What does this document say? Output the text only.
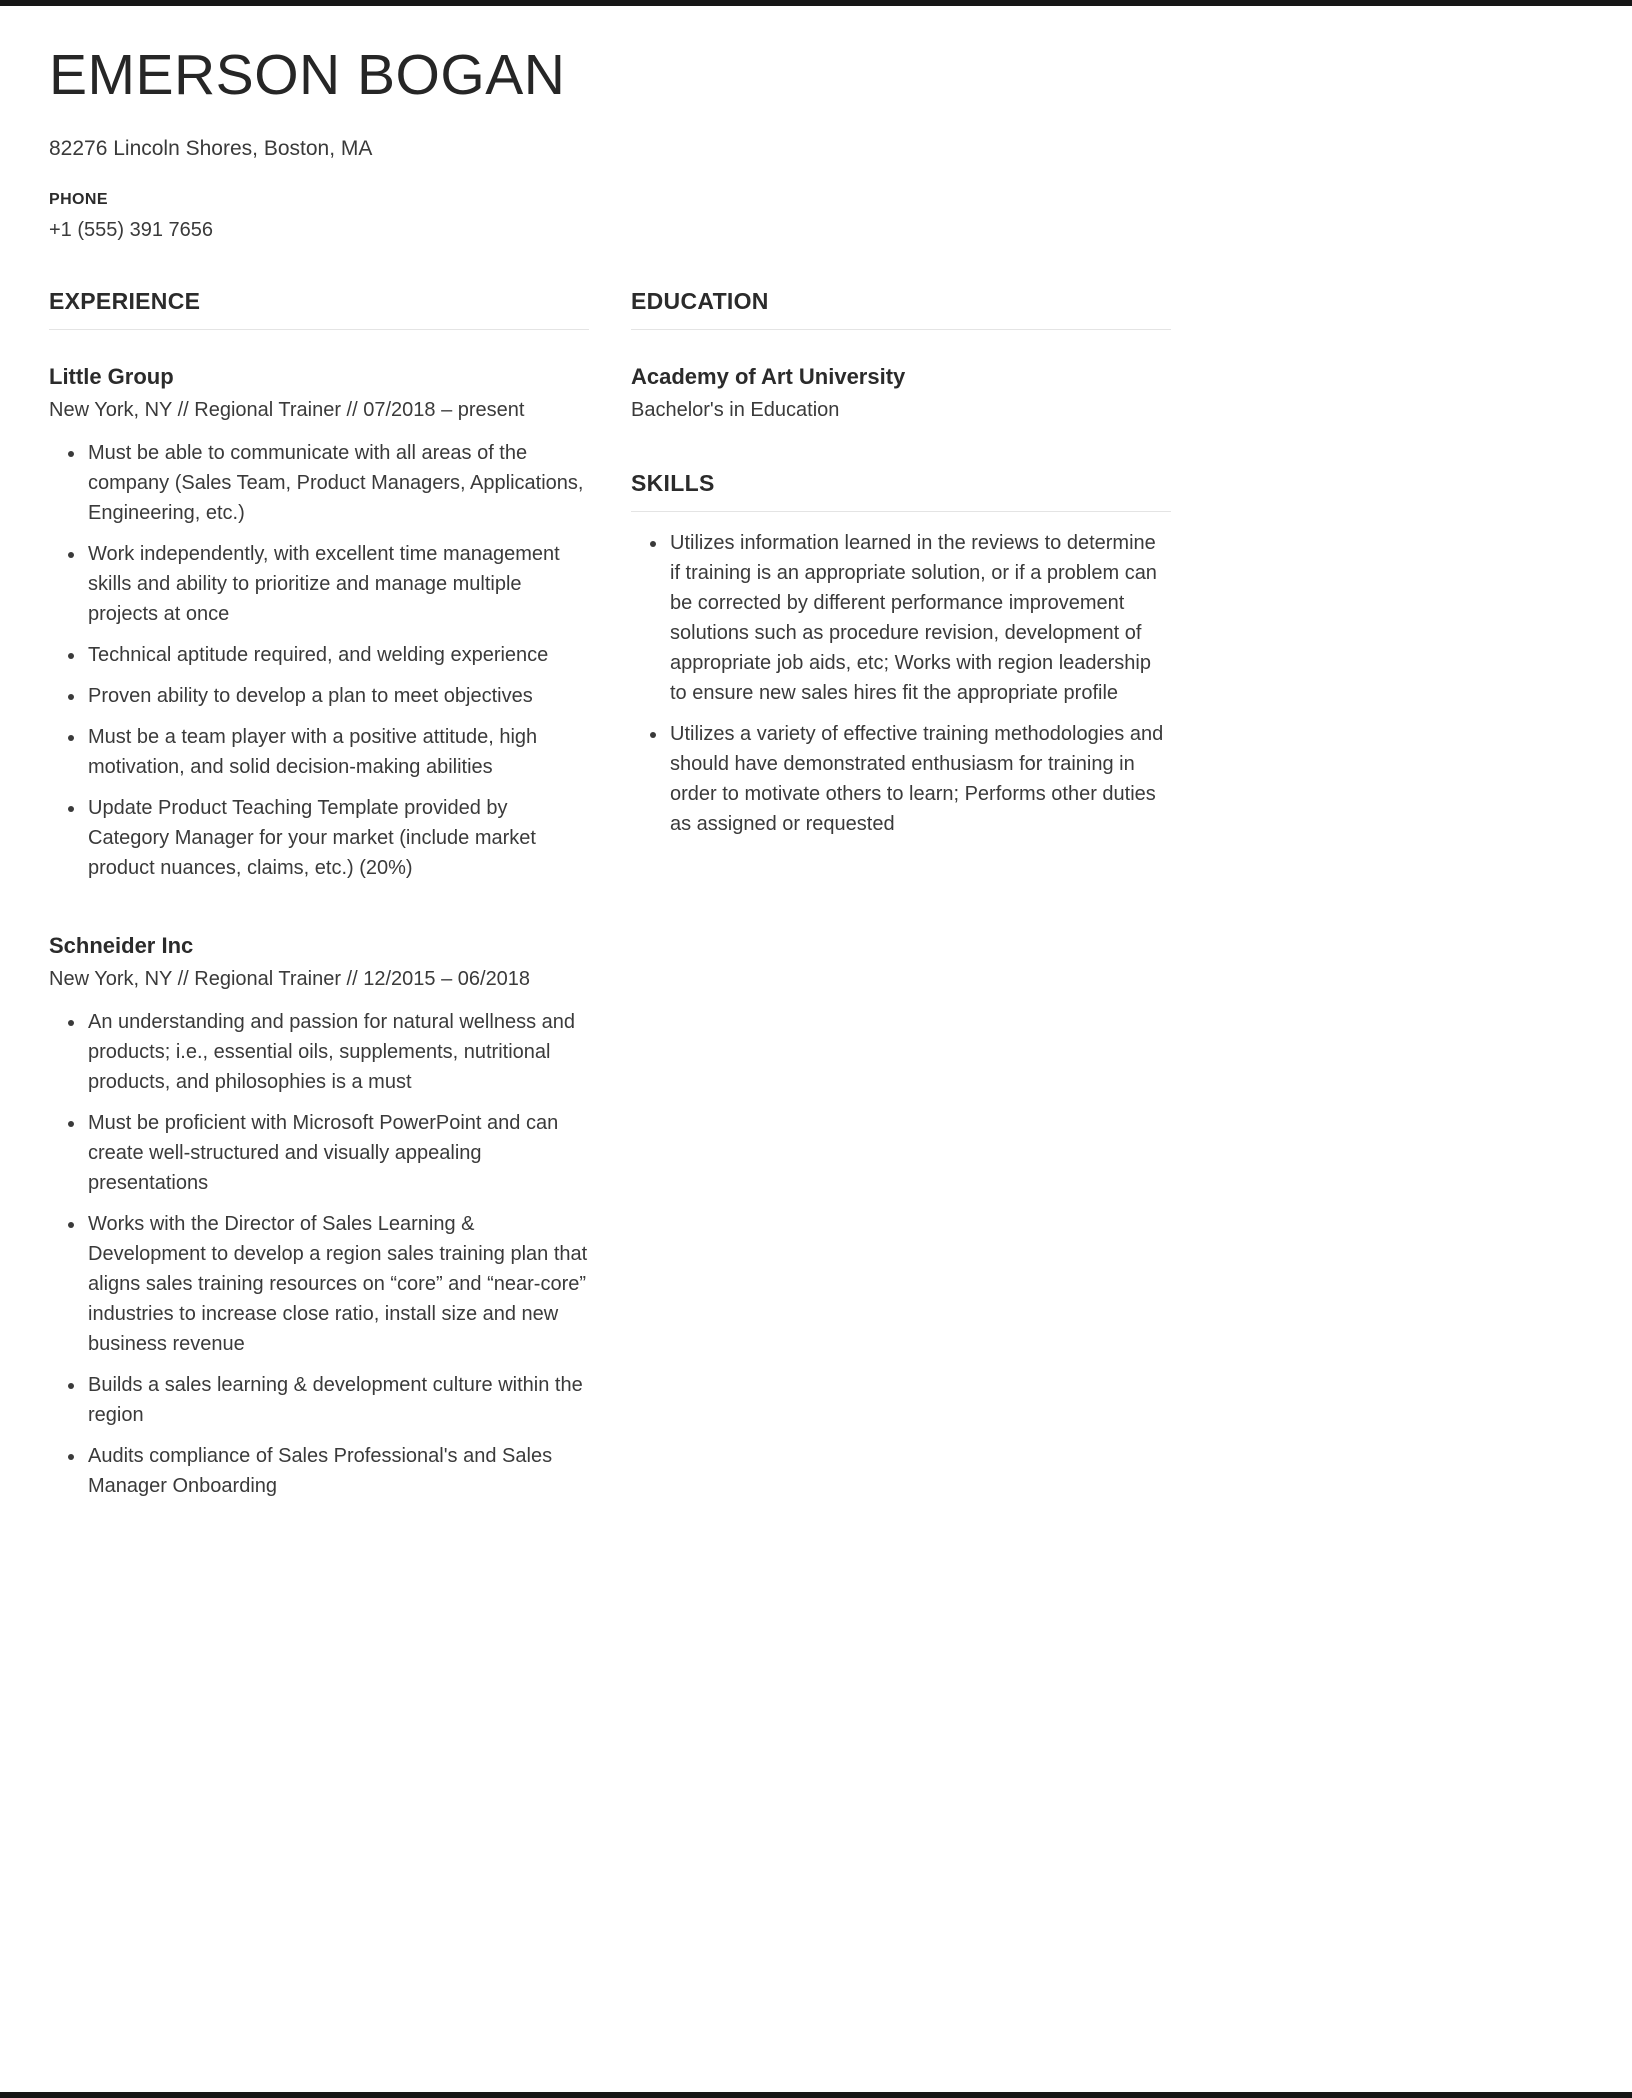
EMERSON BOGAN
82276 Lincoln Shores, Boston, MA
PHONE
+1 (555) 391 7656
EXPERIENCE
Little Group
New York, NY // Regional Trainer // 07/2018 – present
• Must be able to communicate with all areas of the company (Sales Team, Product Managers, Applications, Engineering, etc.)
• Work independently, with excellent time management skills and ability to prioritize and manage multiple projects at once
• Technical aptitude required, and welding experience
• Proven ability to develop a plan to meet objectives
• Must be a team player with a positive attitude, high motivation, and solid decision-making abilities
• Update Product Teaching Template provided by Category Manager for your market (include market product nuances, claims, etc.) (20%)
Schneider Inc
New York, NY // Regional Trainer // 12/2015 – 06/2018
• An understanding and passion for natural wellness and products; i.e., essential oils, supplements, nutritional products, and philosophies is a must
• Must be proficient with Microsoft PowerPoint and can create well-structured and visually appealing presentations
• Works with the Director of Sales Learning & Development to develop a region sales training plan that aligns sales training resources on “core” and “near-core” industries to increase close ratio, install size and new business revenue
• Builds a sales learning & development culture within the region
• Audits compliance of Sales Professional's and Sales Manager Onboarding
EDUCATION
Academy of Art University
Bachelor's in Education
SKILLS
• Utilizes information learned in the reviews to determine if training is an appropriate solution, or if a problem can be corrected by different performance improvement solutions such as procedure revision, development of appropriate job aids, etc; Works with region leadership to ensure new sales hires fit the appropriate profile
• Utilizes a variety of effective training methodologies and should have demonstrated enthusiasm for training in order to motivate others to learn; Performs other duties as assigned or requested
